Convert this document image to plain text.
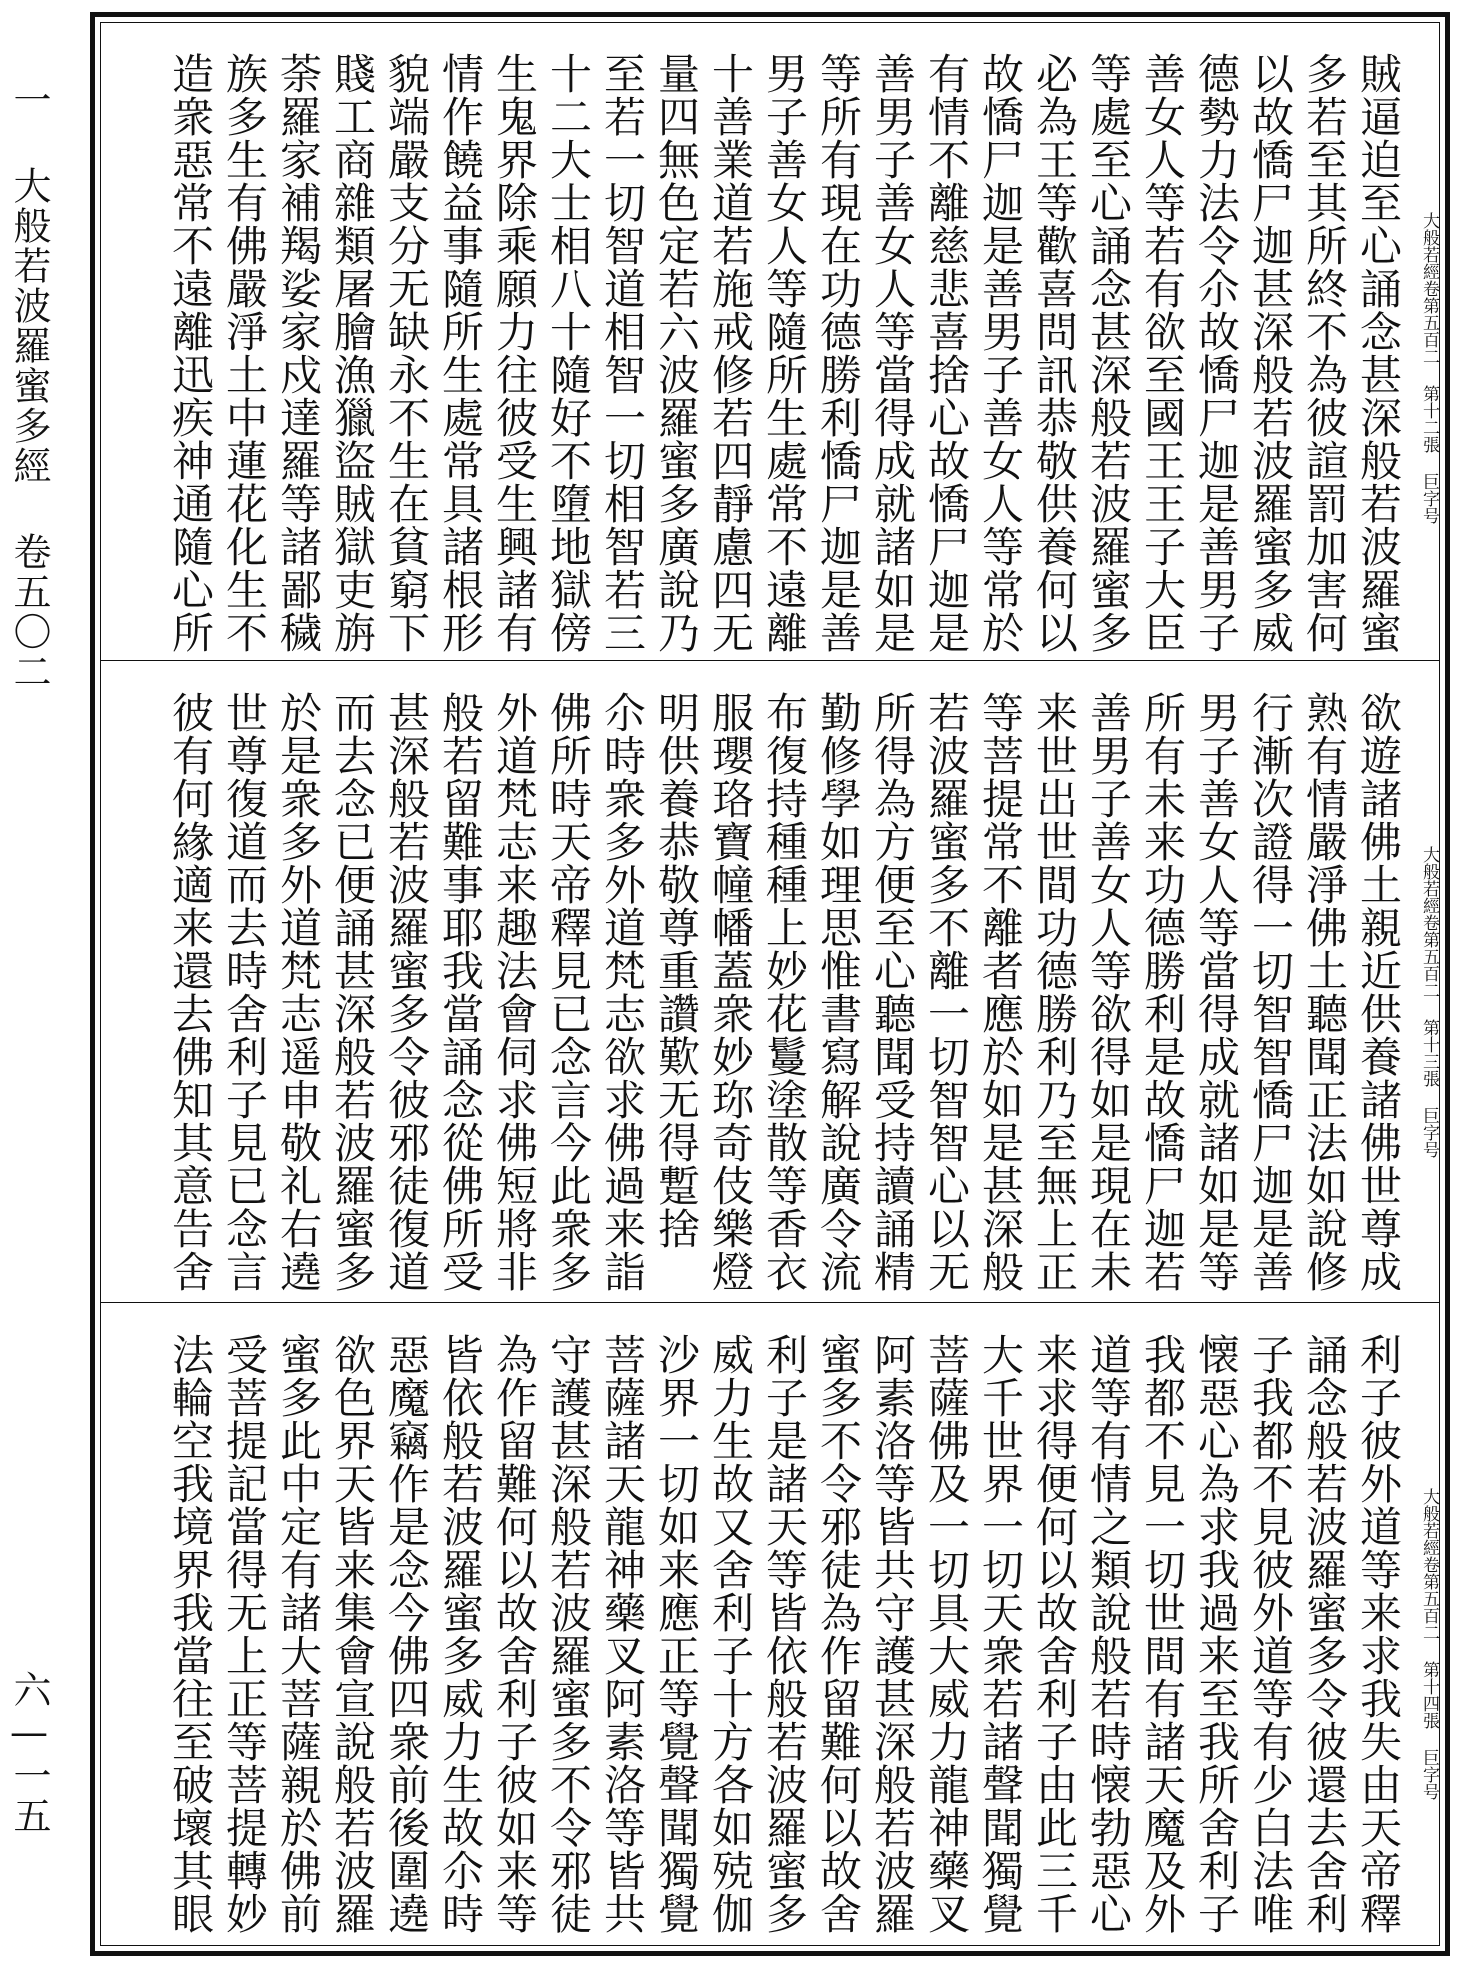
一 大般若波羅蜜多經 卷五〇二
六—一五
大般若經卷第五百二 第十二張 巨字号
賊逼迫至心誦念甚深般若波羅蜜
多若至其所終不為彼諠罰加害何
以故憍尸迦甚深般若波羅蜜多威
德勢力法令尒故憍尸迦是善男子
善女人等若有欲至國王王子大臣
等處至心誦念甚深般若波羅蜜多
必為王等歡喜問訊恭敬供養何以
故憍尸迦是善男子善女人等常於
有情不離慈悲喜捨心故憍尸迦是
善男子善女人等當得成就諸如是
等所有現在功德勝利憍尸迦是善
男子善女人等隨所生處常不遠離
十善業道若施戒修若四靜慮四无
量四無色定若六波羅蜜多廣說乃
至若一切智道相智一切相智若三
十二大士相八十隨好不墮地獄傍
生鬼界除乘願力往彼受生興諸有
情作饒益事隨所生處常具諸根形
貌端嚴支分无缺永不生在貧窮下
賤工商雜類屠膾漁獵盜賊獄吏旃
荼羅家補羯娑家戍達羅等諸鄙穢
族多生有佛嚴淨土中蓮花化生不
造衆惡常不遠離迅疾神通隨心所
大般若經卷第五百二 第十三張 巨字号
欲遊諸佛土親近供養諸佛世尊成
熟有情嚴淨佛土聽聞正法如說修
行漸次證得一切智智憍尸迦是善
男子善女人等當得成就諸如是等
所有未来功德勝利是故憍尸迦若
善男子善女人等欲得如是現在未
来世出世間功德勝利乃至無上正
等菩提常不離者應於如是甚深般
若波羅蜜多不離一切智智心以无
所得為方便至心聽聞受持讀誦精
勤修學如理思惟書寫解說廣令流
布復持種種上妙花鬘塗散等香衣
服瓔珞寶幢幡蓋衆妙珎奇伎樂燈
明供養恭敬尊重讚歎无得蹔捨
尒時衆多外道梵志欲求佛過来詣
佛所時天帝釋見已念言今此衆多
外道梵志来趣法會伺求佛短將非
般若留難事耶我當誦念從佛所受
甚深般若波羅蜜多令彼邪徒復道
而去念已便誦甚深般若波羅蜜多
於是衆多外道梵志遥申敬礼右遶
世尊復道而去時舍利子見已念言
彼有何緣適来還去佛知其意告舍
大般若經卷第五百二 第十四張 巨字号
利子彼外道等来求我失由天帝釋
誦念般若波羅蜜多令彼還去舍利
子我都不見彼外道等有少白法唯
懐惡心為求我過来至我所舍利子
我都不見一切世間有諸天魔及外
道等有情之類說般若時懐勃惡心
来求得便何以故舍利子由此三千
大千世界一切天衆若諸聲聞獨覺
菩薩佛及一切具大威力龍神藥叉
阿素洛等皆共守護甚深般若波羅
蜜多不令邪徒為作留難何以故舍
利子是諸天等皆依般若波羅蜜多
威力生故又舍利子十方各如殑伽
沙界一切如来應正等覺聲聞獨覺
菩薩諸天龍神藥叉阿素洛等皆共
守護甚深般若波羅蜜多不令邪徒
為作留難何以故舍利子彼如来等
皆依般若波羅蜜多威力生故尒時
惡魔竊作是念今佛四衆前後圍遶
欲色界天皆来集會宣說般若波羅
蜜多此中定有諸大菩薩親於佛前
受菩提記當得无上正等菩提轉妙
法輪空我境界我當往至破壞其眼
